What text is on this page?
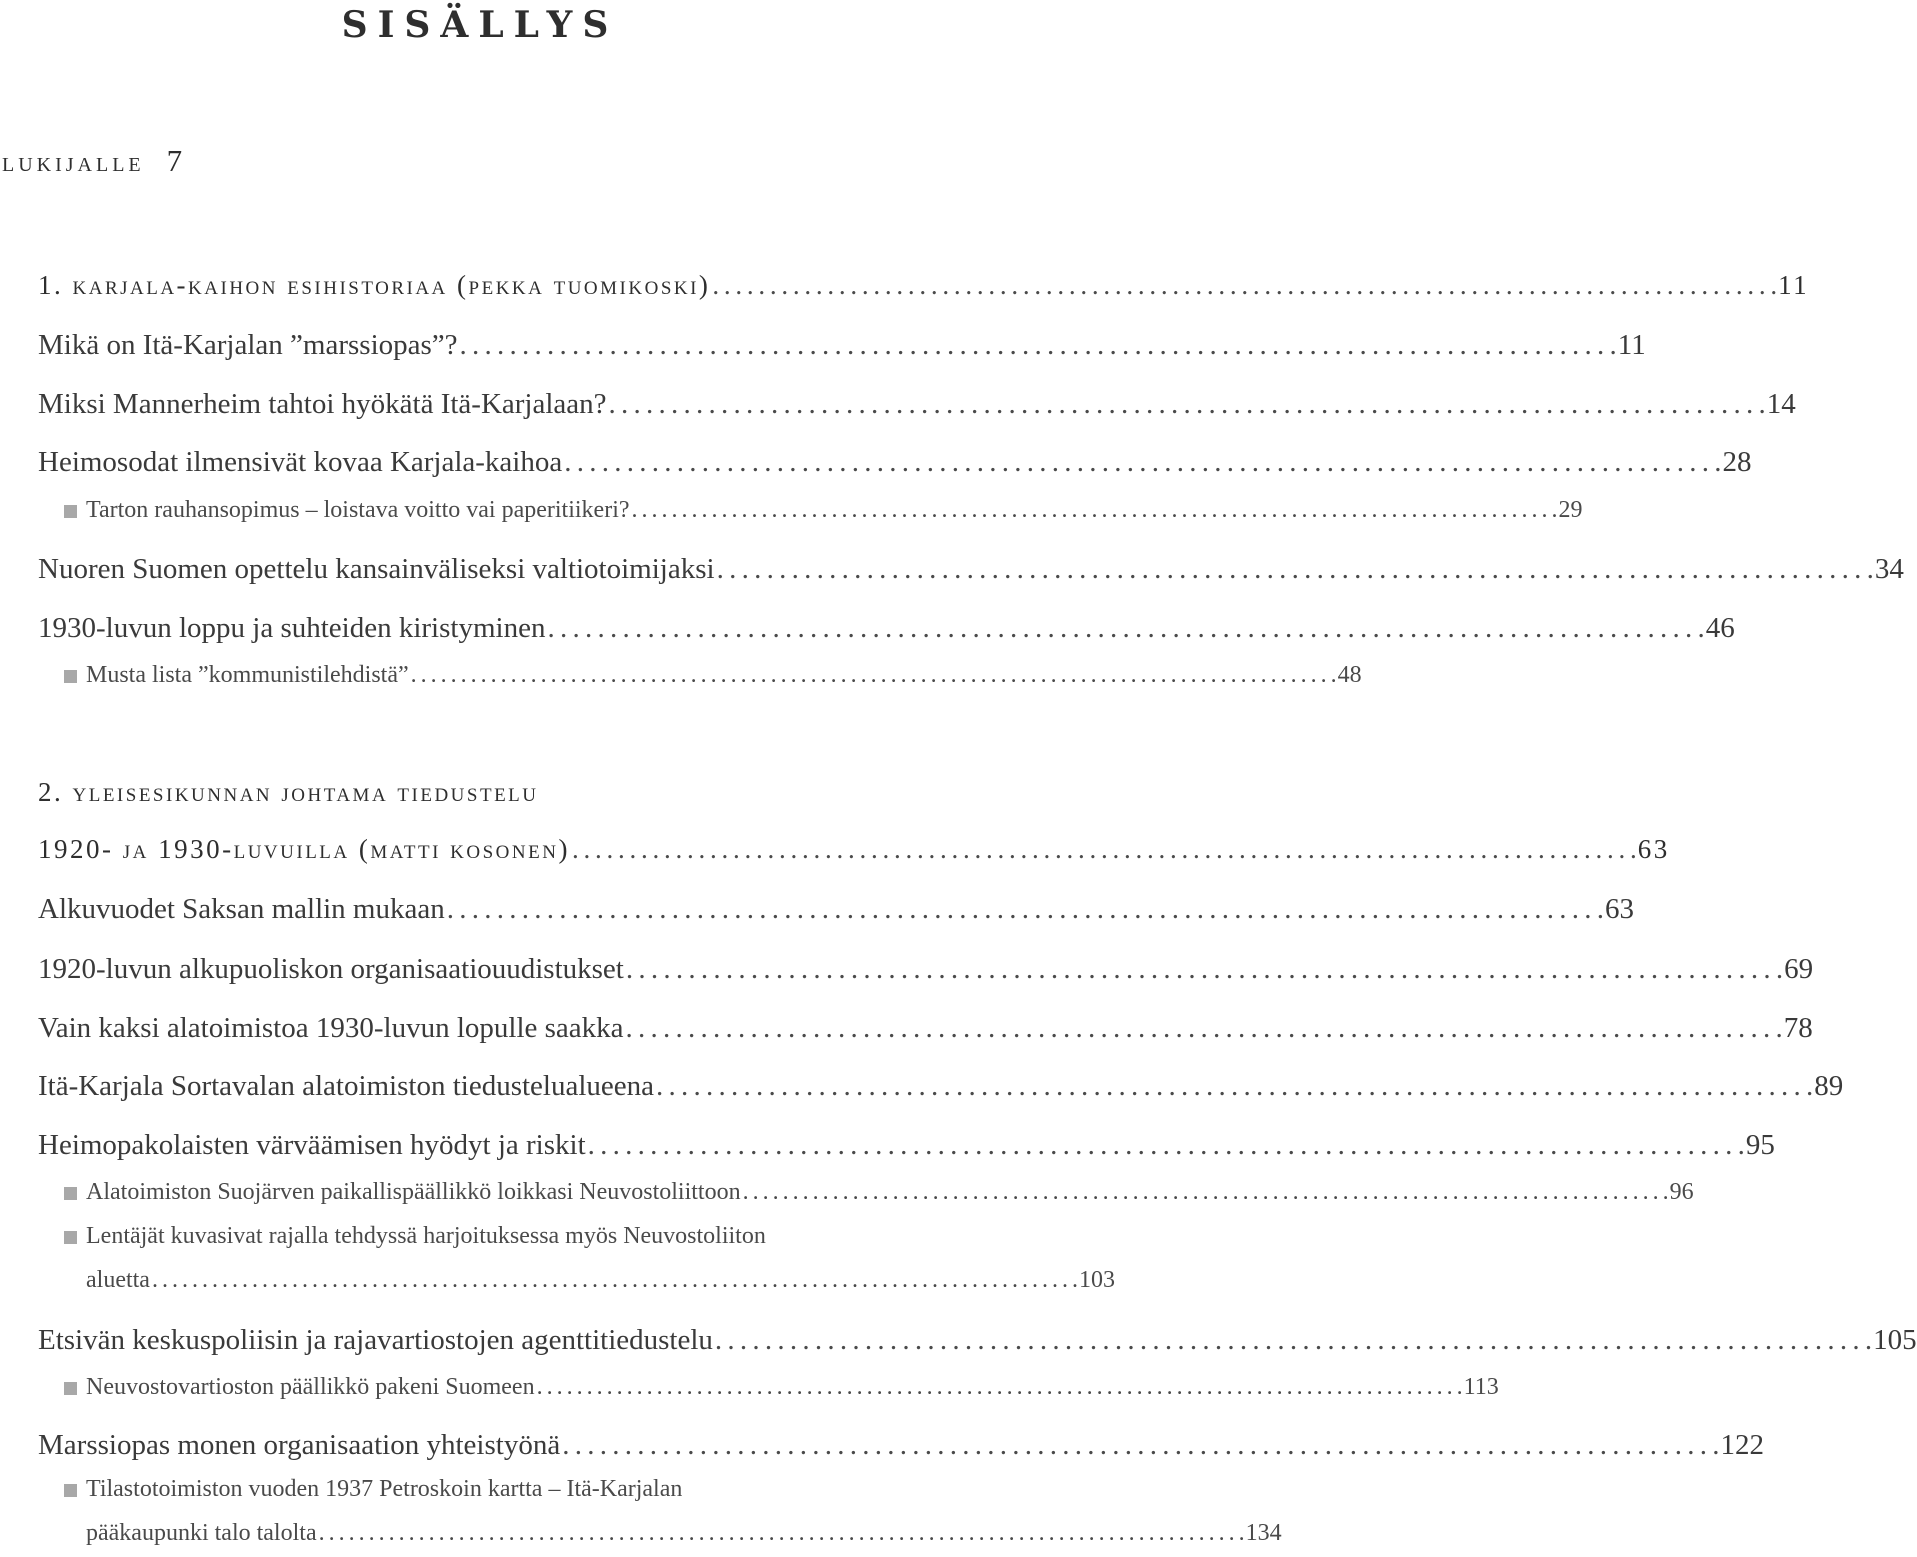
SISÄLLYS
lukijalle 7
1. karjala-kaihon esihistoriaa (pekka tuomikoski) . . .	11
Mikä on Itä-Karjalan ”marssiopas”? . . .	11
Miksi Mannerheim tahtoi hyökätä Itä-Karjalaan? . . .	14
Heimosodat ilmensivät kovaa Karjala-kaihoa . . .	28
Tarton rauhansopimus – loistava voitto vai paperitiikeri? . . .	29
Nuoren Suomen opettelu kansainväliseksi valtiotoimijaksi . . .	34
1930-luvun loppu ja suhteiden kiristyminen . . .	46
Musta lista ”kommunistilehdistä” . . .	48
2. yleisesikunnan johtama tiedustelu
1920- ja 1930-luvuilla (matti kosonen) . . .	63
Alkuvuodet Saksan mallin mukaan . . .	63
1920-luvun alkupuoliskon organisaatiouudistukset . . .	69
Vain kaksi alatoimistoa 1930-luvun lopulle saakka . . .	78
Itä-Karjala Sortavalan alatoimiston tiedustelualueena . . .	89
Heimopakolaisten värväämisen hyödyt ja riskit . . .	95
Alatoimiston Suojärven paikallispäällikkö loikkasi Neuvostoliittoon . . .	96
Lentäjät kuvasivat rajalla tehdyssä harjoituksessa myös Neuvostoliiton
aluetta . . .	103
Etsivän keskuspoliisin ja rajavartiostojen agenttitiedustelu . . .	105
Neuvostovartioston päällikkö pakeni Suomeen . . .	113
Marssiopas monen organisaation yhteistyönä . . .	122
Tilastotoimiston vuoden 1937 Petroskoin kartta – Itä-Karjalan
pääkaupunki talo talolta . . .	134
